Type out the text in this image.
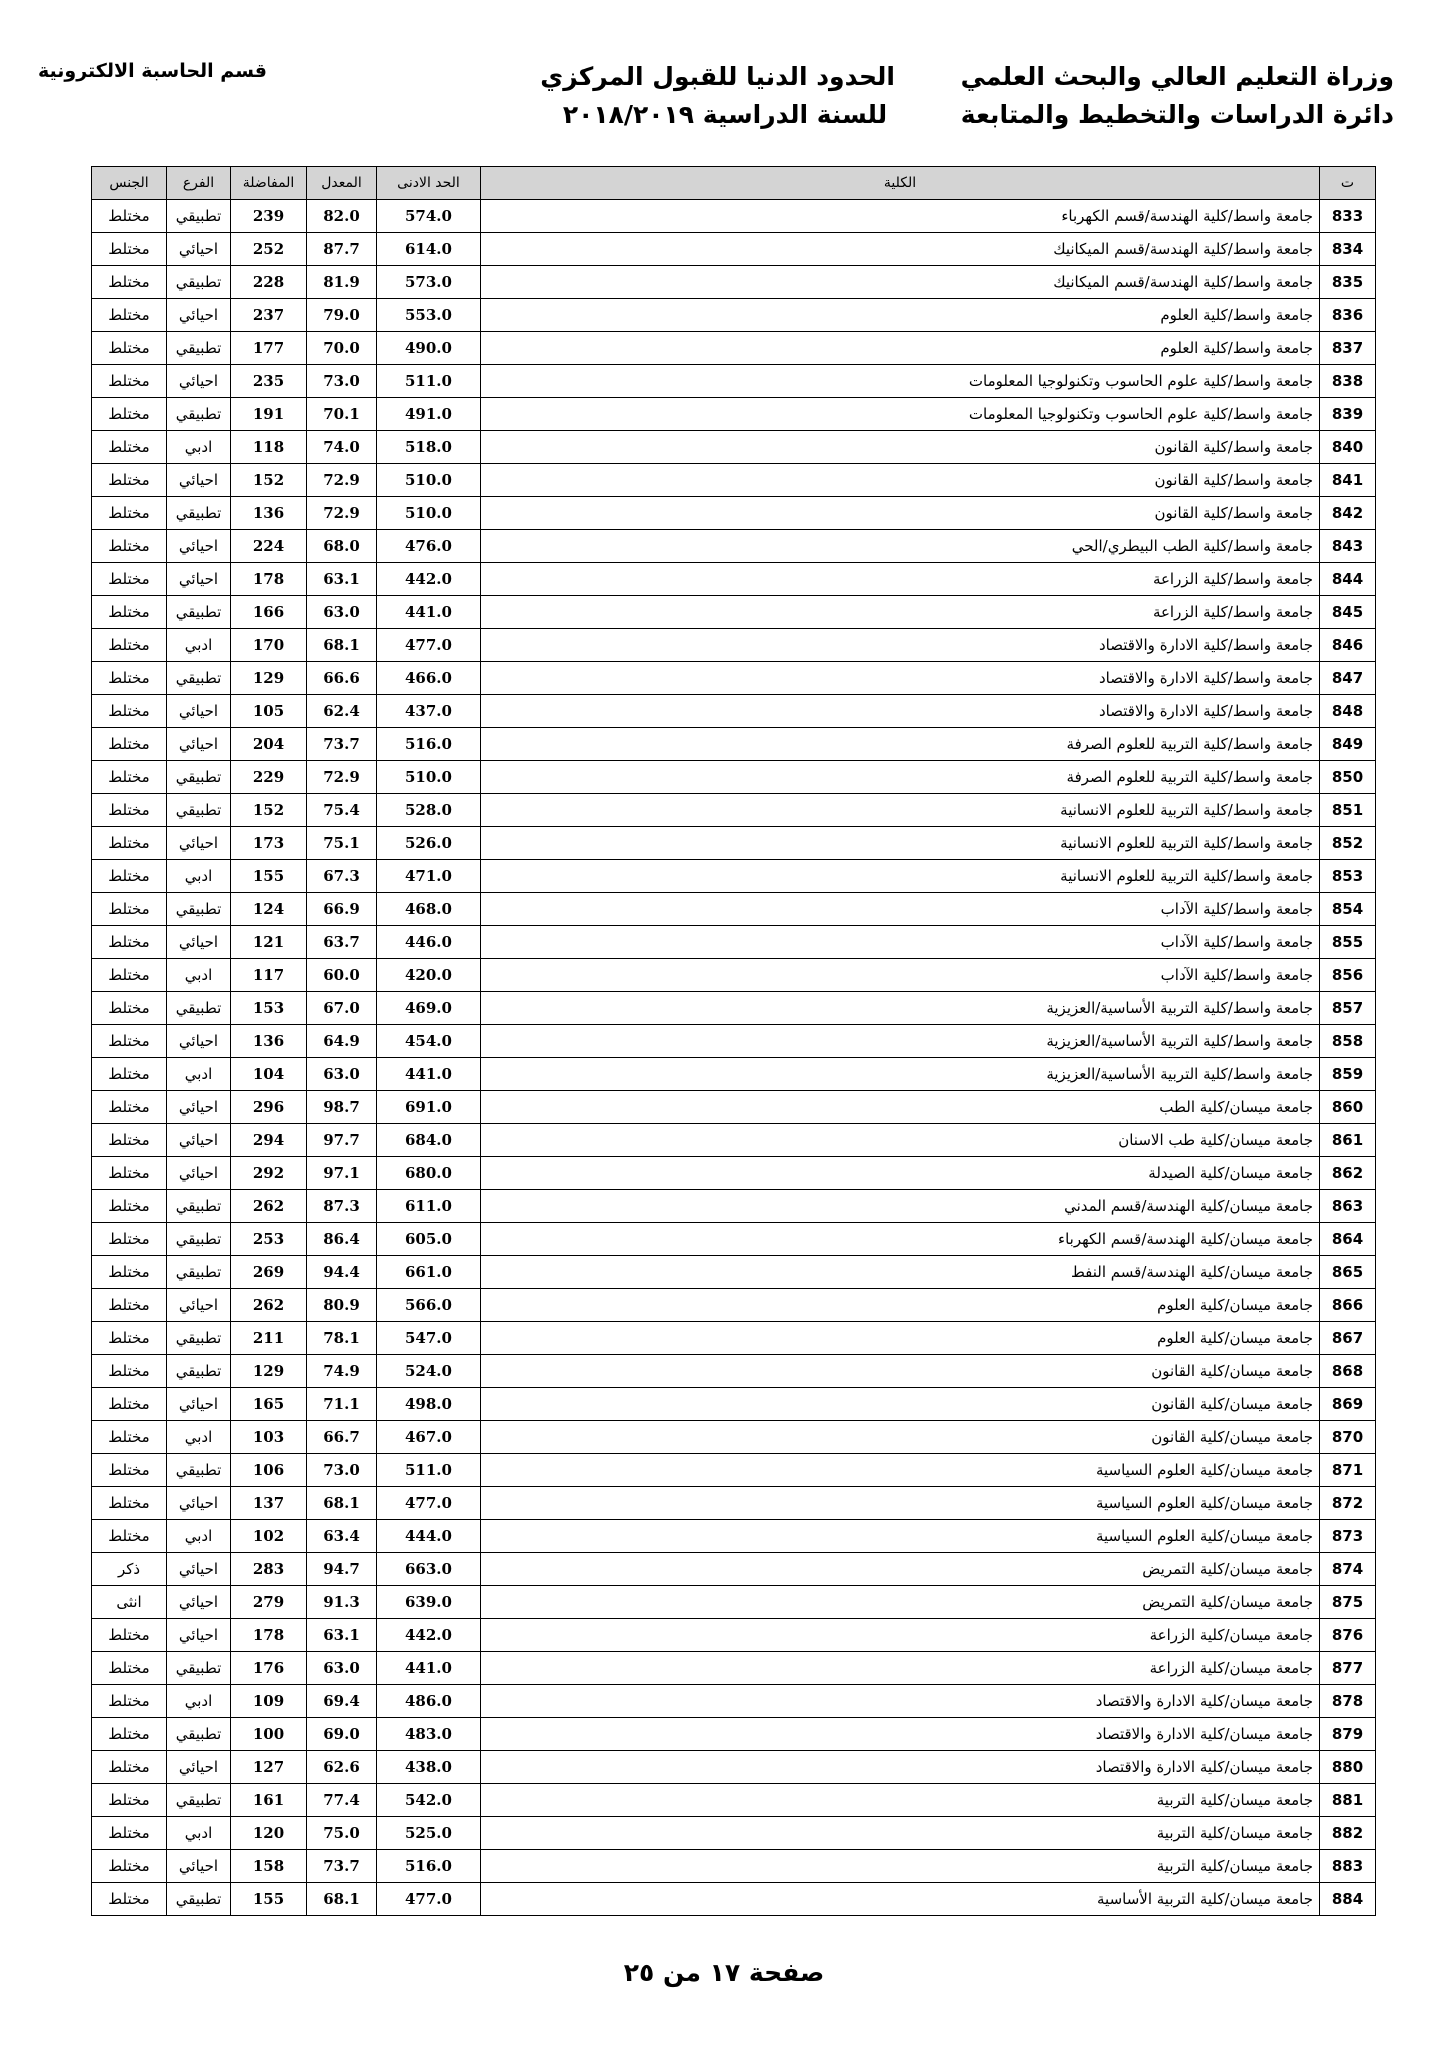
وزراة التعليم العالي والبحث العلمي
دائرة الدراسات والتخطيط والمتابعة
الحدود الدنيا للقبول المركزي
للسنة الدراسية ٢٠١٨/٢٠١٩
قسم الحاسبة الالكترونية
ت	الكلية	الحد الادنى	المعدل	المفاضلة	الفرع	الجنس
833	جامعة واسط/كلية الهندسة/قسم الكهرباء	574.0	82.0	239	تطبيقي	مختلط
834	جامعة واسط/كلية الهندسة/قسم الميكانيك	614.0	87.7	252	احيائي	مختلط
835	جامعة واسط/كلية الهندسة/قسم الميكانيك	573.0	81.9	228	تطبيقي	مختلط
836	جامعة واسط/كلية العلوم	553.0	79.0	237	احيائي	مختلط
837	جامعة واسط/كلية العلوم	490.0	70.0	177	تطبيقي	مختلط
838	جامعة واسط/كلية علوم الحاسوب وتكنولوجيا المعلومات	511.0	73.0	235	احيائي	مختلط
839	جامعة واسط/كلية علوم الحاسوب وتكنولوجيا المعلومات	491.0	70.1	191	تطبيقي	مختلط
840	جامعة واسط/كلية القانون	518.0	74.0	118	ادبي	مختلط
841	جامعة واسط/كلية القانون	510.0	72.9	152	احيائي	مختلط
842	جامعة واسط/كلية القانون	510.0	72.9	136	تطبيقي	مختلط
843	جامعة واسط/كلية الطب البيطري/الحي	476.0	68.0	224	احيائي	مختلط
844	جامعة واسط/كلية الزراعة	442.0	63.1	178	احيائي	مختلط
845	جامعة واسط/كلية الزراعة	441.0	63.0	166	تطبيقي	مختلط
846	جامعة واسط/كلية الادارة والاقتصاد	477.0	68.1	170	ادبي	مختلط
847	جامعة واسط/كلية الادارة والاقتصاد	466.0	66.6	129	تطبيقي	مختلط
848	جامعة واسط/كلية الادارة والاقتصاد	437.0	62.4	105	احيائي	مختلط
849	جامعة واسط/كلية التربية للعلوم الصرفة	516.0	73.7	204	احيائي	مختلط
850	جامعة واسط/كلية التربية للعلوم الصرفة	510.0	72.9	229	تطبيقي	مختلط
851	جامعة واسط/كلية التربية للعلوم الانسانية	528.0	75.4	152	تطبيقي	مختلط
852	جامعة واسط/كلية التربية للعلوم الانسانية	526.0	75.1	173	احيائي	مختلط
853	جامعة واسط/كلية التربية للعلوم الانسانية	471.0	67.3	155	ادبي	مختلط
854	جامعة واسط/كلية الآداب	468.0	66.9	124	تطبيقي	مختلط
855	جامعة واسط/كلية الآداب	446.0	63.7	121	احيائي	مختلط
856	جامعة واسط/كلية الآداب	420.0	60.0	117	ادبي	مختلط
857	جامعة واسط/كلية التربية الأساسية/العزيزية	469.0	67.0	153	تطبيقي	مختلط
858	جامعة واسط/كلية التربية الأساسية/العزيزية	454.0	64.9	136	احيائي	مختلط
859	جامعة واسط/كلية التربية الأساسية/العزيزية	441.0	63.0	104	ادبي	مختلط
860	جامعة ميسان/كلية الطب	691.0	98.7	296	احيائي	مختلط
861	جامعة ميسان/كلية طب الاسنان	684.0	97.7	294	احيائي	مختلط
862	جامعة ميسان/كلية الصيدلة	680.0	97.1	292	احيائي	مختلط
863	جامعة ميسان/كلية الهندسة/قسم المدني	611.0	87.3	262	تطبيقي	مختلط
864	جامعة ميسان/كلية الهندسة/قسم الكهرباء	605.0	86.4	253	تطبيقي	مختلط
865	جامعة ميسان/كلية الهندسة/قسم النفط	661.0	94.4	269	تطبيقي	مختلط
866	جامعة ميسان/كلية العلوم	566.0	80.9	262	احيائي	مختلط
867	جامعة ميسان/كلية العلوم	547.0	78.1	211	تطبيقي	مختلط
868	جامعة ميسان/كلية القانون	524.0	74.9	129	تطبيقي	مختلط
869	جامعة ميسان/كلية القانون	498.0	71.1	165	احيائي	مختلط
870	جامعة ميسان/كلية القانون	467.0	66.7	103	ادبي	مختلط
871	جامعة ميسان/كلية العلوم السياسية	511.0	73.0	106	تطبيقي	مختلط
872	جامعة ميسان/كلية العلوم السياسية	477.0	68.1	137	احيائي	مختلط
873	جامعة ميسان/كلية العلوم السياسية	444.0	63.4	102	ادبي	مختلط
874	جامعة ميسان/كلية التمريض	663.0	94.7	283	احيائي	ذكر
875	جامعة ميسان/كلية التمريض	639.0	91.3	279	احيائي	انثى
876	جامعة ميسان/كلية الزراعة	442.0	63.1	178	احيائي	مختلط
877	جامعة ميسان/كلية الزراعة	441.0	63.0	176	تطبيقي	مختلط
878	جامعة ميسان/كلية الادارة والاقتصاد	486.0	69.4	109	ادبي	مختلط
879	جامعة ميسان/كلية الادارة والاقتصاد	483.0	69.0	100	تطبيقي	مختلط
880	جامعة ميسان/كلية الادارة والاقتصاد	438.0	62.6	127	احيائي	مختلط
881	جامعة ميسان/كلية التربية	542.0	77.4	161	تطبيقي	مختلط
882	جامعة ميسان/كلية التربية	525.0	75.0	120	ادبي	مختلط
883	جامعة ميسان/كلية التربية	516.0	73.7	158	احيائي	مختلط
884	جامعة ميسان/كلية التربية الأساسية	477.0	68.1	155	تطبيقي	مختلط
صفحة ١٧ من ٢٥
